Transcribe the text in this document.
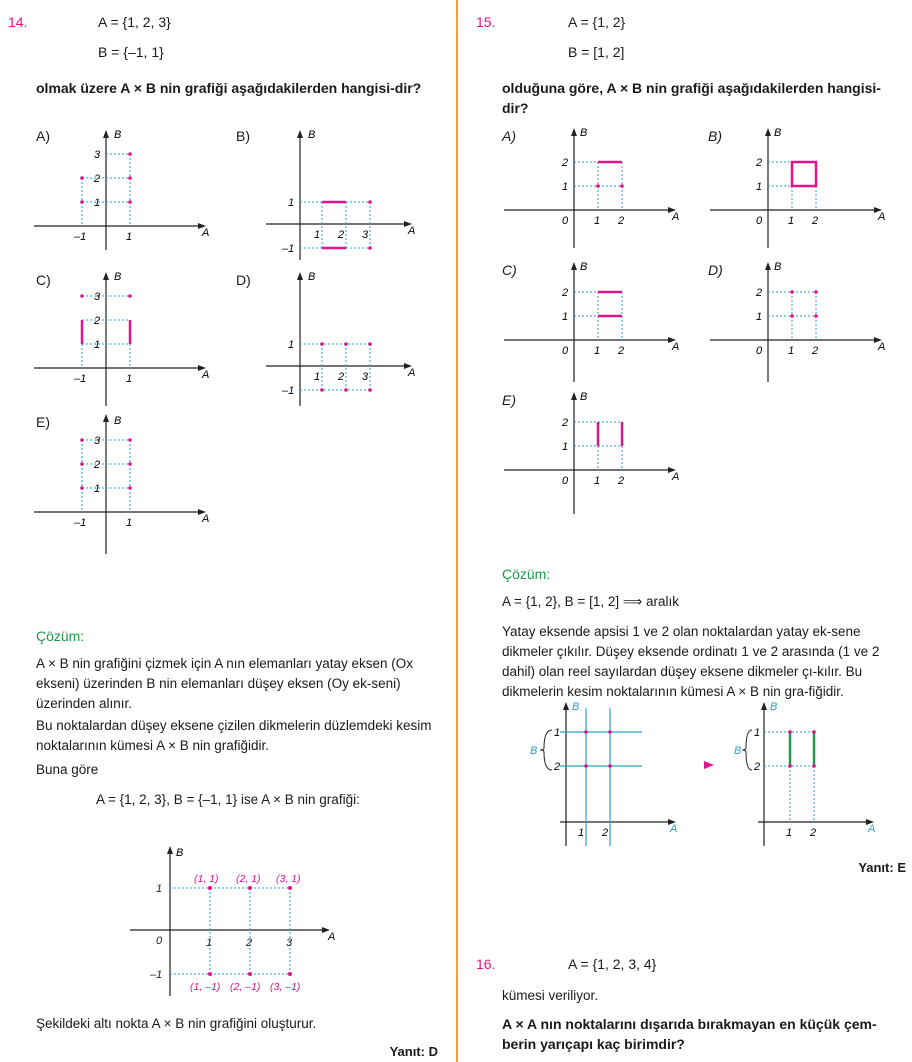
14.	A = {1, 2, 3}
B = {–1, 1}
olmak üzere A × B nin grafiği aşağıdakilerden hangisi-dir?
A)	B)
C)	D)
E)
B
A
3
2
1
–1	1
B
A
1
–1
1 2 3
B
A
3
2
1
–1	1
B
A
1
–1
1 2 3
B
A
3
2
1
–1	1
Çözüm:
A × B nin grafiğini çizmek için A nın elemanları yatay eksen (Ox ekseni) üzerinden B nin elemanları düşey eksen (Oy ek-seni) üzerinden alınır.
Bu noktalardan düşey eksene çizilen dikmelerin düzlemdeki kesim noktalarının kümesi A × B nin grafiğidir.
Buna göre
A = {1, 2, 3}, B = {–1, 1} ise A × B nin grafiği:
B
A
0
1
–1
1	2	3
(1, 1) (2, 1) (3, 1)
(1, –1) (2, –1) (3, –1)
Şekildeki altı nokta A × B nin grafiğini oluşturur.
Yanıt: D
15.	A = {1, 2}
B = [1, 2]
olduğuna göre, A × B nin grafiği aşağıdakilerden hangisi-dir?
A)	B)
C)	D)
E)
B
A
2
1
0 1 2
B
A
2
1
0 1 2
B
A
2
1
0 1 2
B
A
2
1
0 1 2
B
A
2
1
0 1 2
Çözüm:
A = {1, 2}, B = [1, 2] ⟹ aralık
Yatay eksende apsisi 1 ve 2 olan noktalardan yatay ek-sene dikmeler çıkılır. Düşey eksende ordinatı 1 ve 2 arasında (1 ve 2 dahil) olan reel sayılardan düşey eksene dikmeler çı-kılır. Bu dikmelerin kesim noktalarının kümesi A × B nin gra-fiğidir.
B
A
B
1
2
1 2
B
A
B
1
2
1 2
Yanıt: E
16.	A = {1, 2, 3, 4}
kümesi veriliyor.
A × A nın noktalarını dışarıda bırakmayan en küçük çem-berin yarıçapı kaç birimdir?
